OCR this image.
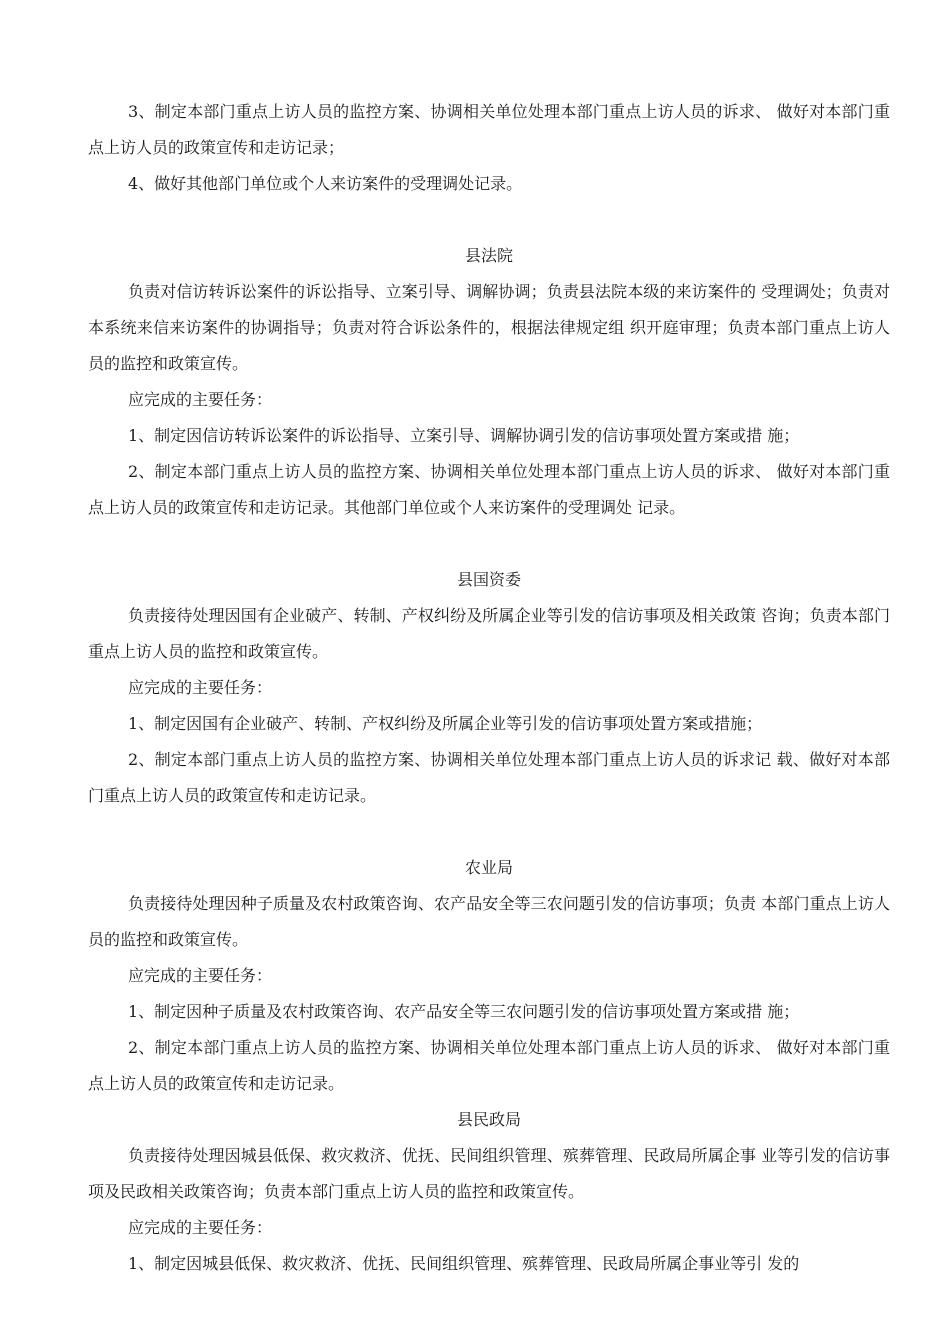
3、制定本部门重点上访人员的监控方案、协调相关单位处理本部门重点上访人员的诉求、 做好对本部门重点上访人员的政策宣传和走访记录；

4、做好其他部门单位或个人来访案件的受理调处记录。

县法院

负责对信访转诉讼案件的诉讼指导、立案引导、调解协调；负责县法院本级的来访案件的 受理调处；负责对本系统来信来访案件的协调指导；负责对符合诉讼条件的，根据法律规定组 织开庭审理；负责本部门重点上访人员的监控和政策宣传。

应完成的主要任务：

1、制定因信访转诉讼案件的诉讼指导、立案引导、调解协调引发的信访事项处置方案或措 施；

2、制定本部门重点上访人员的监控方案、协调相关单位处理本部门重点上访人员的诉求、 做好对本部门重点上访人员的政策宣传和走访记录。其他部门单位或个人来访案件的受理调处 记录。

县国资委

负责接待处理因国有企业破产、转制、产权纠纷及所属企业等引发的信访事项及相关政策 咨询；负责本部门重点上访人员的监控和政策宣传。

应完成的主要任务：

1、制定因国有企业破产、转制、产权纠纷及所属企业等引发的信访事项处置方案或措施；

2、制定本部门重点上访人员的监控方案、协调相关单位处理本部门重点上访人员的诉求记 载、做好对本部门重点上访人员的政策宣传和走访记录。

农业局

负责接待处理因种子质量及农村政策咨询、农产品安全等三农问题引发的信访事项；负责 本部门重点上访人员的监控和政策宣传。

应完成的主要任务：

1、制定因种子质量及农村政策咨询、农产品安全等三农问题引发的信访事项处置方案或措 施；

2、制定本部门重点上访人员的监控方案、协调相关单位处理本部门重点上访人员的诉求、 做好对本部门重点上访人员的政策宣传和走访记录。

县民政局

负责接待处理因城县低保、救灾救济、优抚、民间组织管理、殡葬管理、民政局所属企事 业等引发的信访事项及民政相关政策咨询；负责本部门重点上访人员的监控和政策宣传。

应完成的主要任务：

1、制定因城县低保、救灾救济、优抚、民间组织管理、殡葬管理、民政局所属企事业等引 发的
